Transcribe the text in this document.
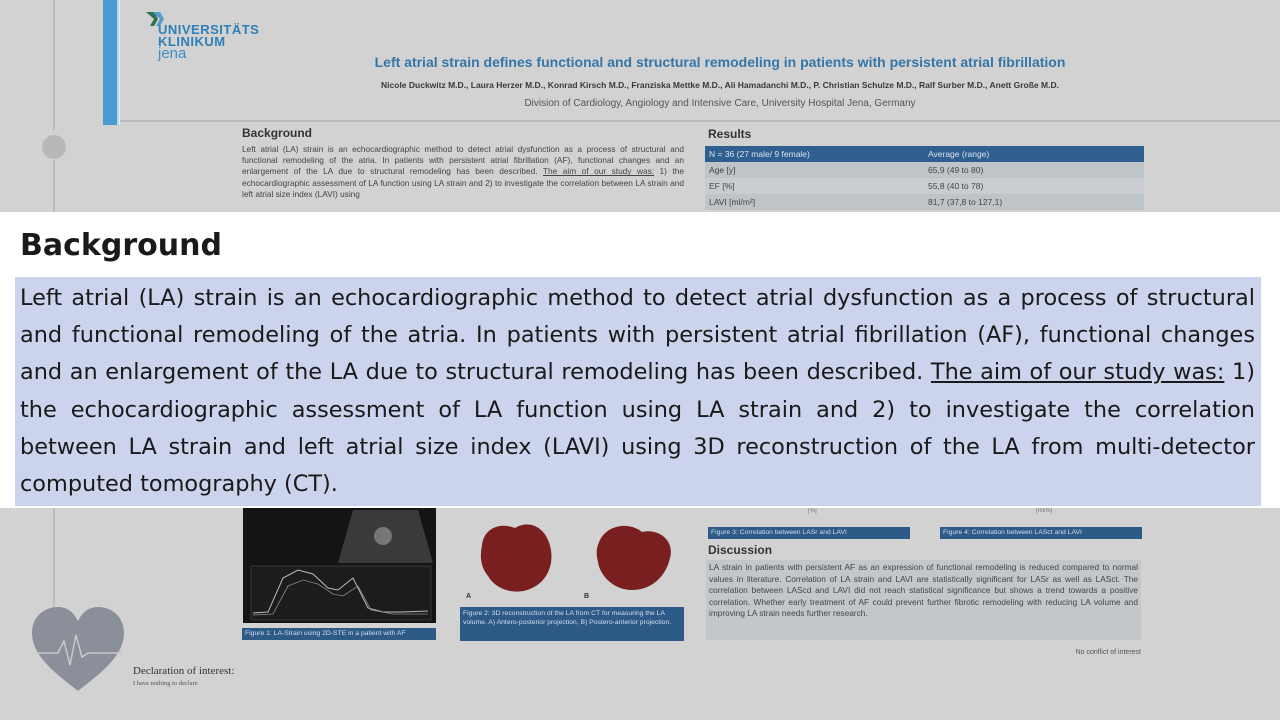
UNIVERSITÄTS
KLINIKUM
jena	Left atrial strain defines functional and structural remodeling in patients with persistent atrial fibrillation
Nicole Duckwitz M.D., Laura Herzer M.D., Konrad Kirsch M.D., Franziska Mettke M.D., Ali Hamadanchi M.D., P. Christian Schulze M.D., Ralf Surber M.D., Anett Große M.D.
Division of Cardiology, Angiology and Intensive Care, University Hospital Jena, Germany
Background
Left atrial (LA) strain is an echocardiographic method to detect atrial dysfunction as a process of structural and functional remodeling of the atria. In patients with persistent atrial fibrillation (AF), functional changes and an enlargement of the LA due to structural remodeling has been described. The aim of our study was: 1) the echocardiographic assessment of LA function using LA strain and 2) to investigate the correlation between LA strain and left atrial size index (LAVI) using
Results
N = 36 (27 male/ 9 female)	Average (range)
Age [y]	65,9 (49 to 80)
EF [%]	55,8 (40 to 78)
LAVI [ml/m²]	81,7 (37,8 to 127,1)
Figure 1: LA-Strain using 2D-STE in a patient with AF
A	B
Figure 2: 3D reconstruction of the LA from CT for measuring the LA volume. A) Antero-posterior projection, B) Postero-anterior projection.
[%]	[ml/m]
Figure 3: Correlation between LASr and LAVI	Figure 4: Correlation between LASct and LAVI
Discussion
LA strain in patients with persistent AF as an expression of functional remodeling is reduced compared to normal values in literature. Correlation of LA strain and LAVI are statistically significant for LASr as well as LASct. The correlation between LAScd and LAVI did not reach statistical significance but shows a trend towards a positive correlation. Whether early treatment of AF could prevent further fibrotic remodeling with reducing LA volume and improving LA strain needs further research.
No conflict of interest
Declaration of interest:
I have nothing to declare
Background
Left atrial (LA) strain is an echocardiographic method to detect atrial dysfunction as a process of structural and functional remodeling of the atria. In patients with persistent atrial fibrillation (AF), functional changes and an enlargement of the LA due to structural remodeling has been described. The aim of our study was: 1) the echocardiographic assessment of LA function using LA strain and 2) to investigate the correlation between LA strain and left atrial size index (LAVI) using 3D reconstruction of the LA from multi-detector computed tomography (CT).
